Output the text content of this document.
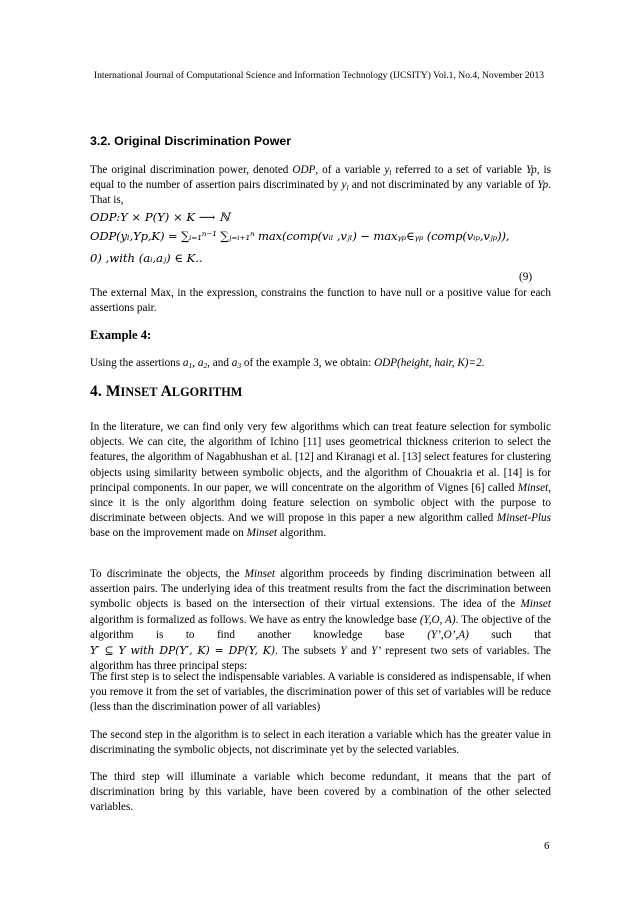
International Journal of Computational Science and Information Technology (IJCSITY) Vol.1, No.4, November 2013
3.2. Original Discrimination Power
The original discrimination power, denoted ODP, of a variable $y_l$ referred to a set of variable Yp, is equal to the number of assertion pairs discriminated by $y_l$ and not discriminated by any variable of Yp. That is,
ODP:Y × P(Y) × K ⟶ ℕ
ODP(yₗ,Yp,K) = ∑ᵢ₌₁ⁿ⁻¹ ∑ⱼ₌ᵢ₊₁ⁿ max(comp(vᵢₗ ,vⱼₗ) − maxᵧₚ∈ᵧₚ (comp(vᵢₚ,vⱼₚ)),
0) ,with (aᵢ,aⱼ) ∈ K..
(9)
The external Max, in the expression, constrains the function to have null or a positive value for each assertions pair.
Example 4:
Using the assertions $a_1$, $a_2$, and $a_3$ of the example 3, we obtain: ODP(height, hair, K)=2.
4. MINSET ALGORITHM
In the literature, we can find only very few algorithms which can treat feature selection for symbolic objects. We can cite, the algorithm of Ichino [11] uses geometrical thickness criterion to select the features, the algorithm of Nagabhushan et al. [12] and Kiranagi et al. [13] select features for clustering objects using similarity between symbolic objects, and the algorithm of Chouakria et al. [14] is for principal components. In our paper, we will concentrate on the algorithm of Vignes [6] called Minset, since it is the only algorithm doing feature selection on symbolic object with the purpose to discriminate between objects. And we will propose in this paper a new algorithm called Minset-Plus base on the improvement made on Minset algorithm.
To discriminate the objects, the Minset algorithm proceeds by finding discrimination between all assertion pairs. The underlying idea of this treatment results from the fact the discrimination between symbolic objects is based on the intersection of their virtual extensions. The idea of the Minset algorithm is formalized as follows. We have as entry the knowledge base (Y,O, A). The objective of the algorithm is to find another knowledge base (Y’,O’,A) such that Y′ ⊆ Y with DP(Y′, K) = DP(Y, K). The subsets Y and Y’ represent two sets of variables. The algorithm has three principal steps:
The first step is to select the indispensable variables. A variable is considered as indispensable, if when you remove it from the set of variables, the discrimination power of this set of variables will be reduce (less than the discrimination power of all variables)
The second step in the algorithm is to select in each iteration a variable which has the greater value in discriminating the symbolic objects, not discriminate yet by the selected variables.
The third step will illuminate a variable which become redundant, it means that the part of discrimination bring by this variable, have been covered by a combination of the other selected variables.
6
